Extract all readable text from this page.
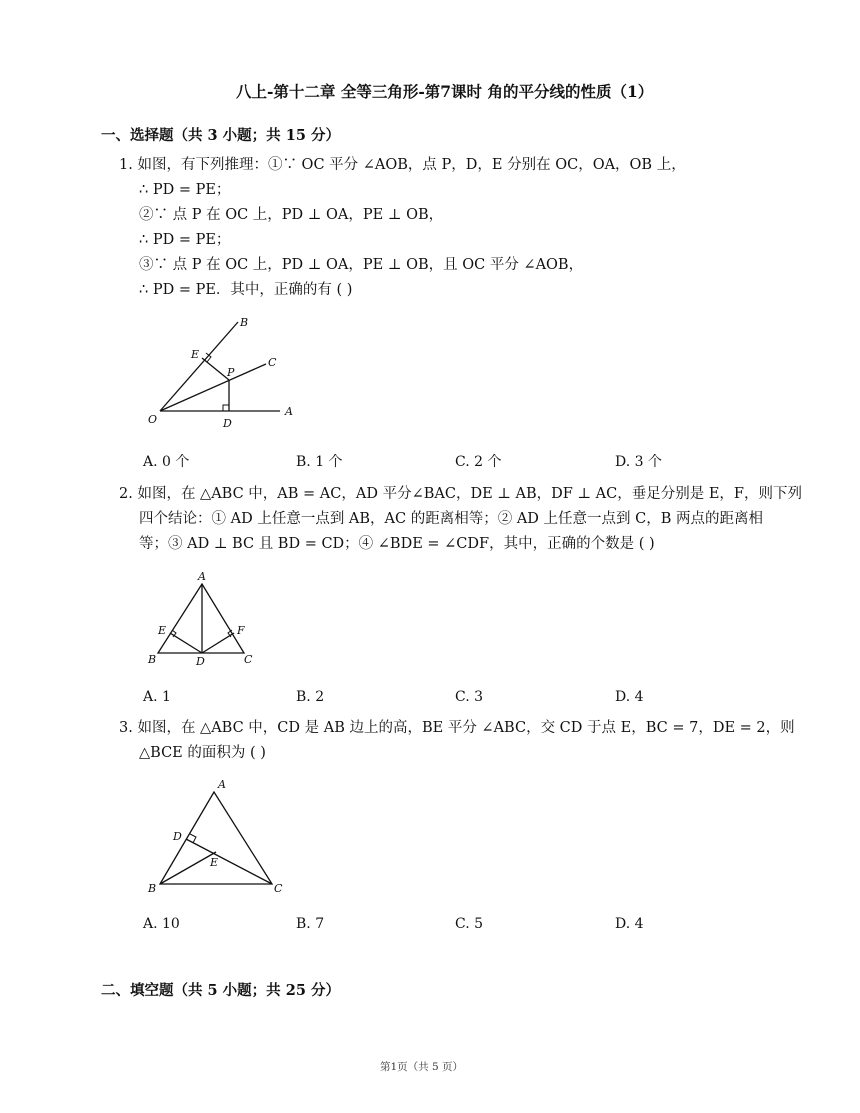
八上-第十二章 全等三角形-第7课时 角的平分线的性质（1）
一、选择题（共 3 小题；共 15 分）
1. 如图，有下列推理：①∵ OC 平分 ∠AOB，点 P，D，E 分别在 OC，OA，OB 上，
∴ PD = PE；
②∵ 点 P 在 OC 上，PD ⊥ OA，PE ⊥ OB，
∴ PD = PE；
③∵ 点 P 在 OC 上，PD ⊥ OA，PE ⊥ OB，且 OC 平分 ∠AOB，
∴ PD = PE．其中，正确的有 ( )
B
E
P
C
O	D
A
A. 0 个	B. 1 个	C. 2 个	D. 3 个
2. 如图，在 △ABC 中，AB = AC，AD 平分∠BAC，DE ⊥ AB，DF ⊥ AC，垂足分别是 E，F，则下列
四个结论：① AD 上任意一点到 AB，AC 的距离相等；② AD 上任意一点到 C，B 两点的距离相
等；③ AD ⊥ BC 且 BD = CD；④ ∠BDE = ∠CDF，其中，正确的个数是 ( )
A
E	F
B	D	C
A. 1	B. 2	C. 3	D. 4
3. 如图，在 △ABC 中，CD 是 AB 边上的高，BE 平分 ∠ABC，交 CD 于点 E，BC = 7，DE = 2，则
△BCE 的面积为 ( )
A
D
E
B	C
A. 10	B. 7	C. 5	D. 4
二、填空题（共 5 小题；共 25 分）
第1页（共 5 页）
